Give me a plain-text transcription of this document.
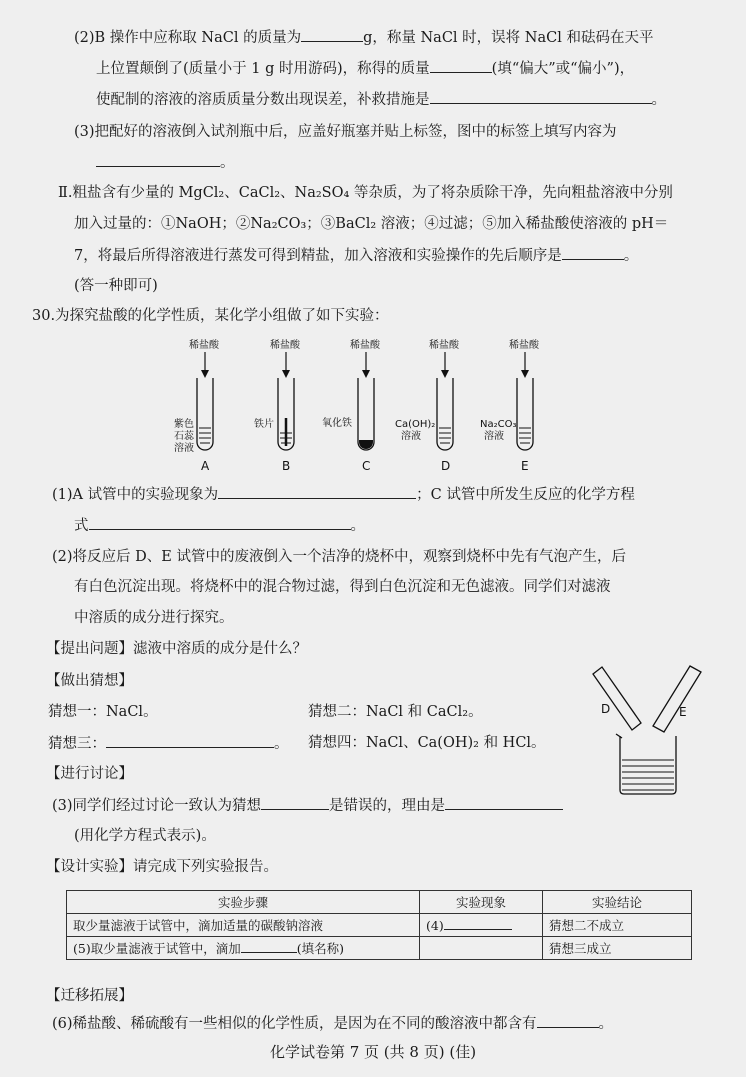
(2)B 操作中应称取 NaCl 的质量为	g，称量 NaCl 时，误将 NaCl 和砝码在天平
上位置颠倒了(质量小于 1 g 时用游码)，称得的质量	(填“偏大”或“偏小”)，
使配制的溶液的溶质质量分数出现误差，补救措施是	。
(3)把配好的溶液倒入试剂瓶中后，应盖好瓶塞并贴上标签，图中的标签上填写内容为
。
Ⅱ.粗盐含有少量的 MgCl₂、CaCl₂、Na₂SO₄ 等杂质，为了将杂质除干净，先向粗盐溶液中分别
加入过量的：①NaOH；②Na₂CO₃；③BaCl₂ 溶液；④过滤；⑤加入稀盐酸使溶液的 pH＝
7，将最后所得溶液进行蒸发可得到精盐，加入溶液和实验操作的先后顺序是	。
(答一种即可)
30.为探究盐酸的化学性质，某化学小组做了如下实验：
稀盐酸	稀盐酸	稀盐酸	稀盐酸	稀盐酸
紫色
石蕊
溶液
铁片	氧化铁	Ca(OH)₂
溶液
Na₂CO₃
溶液
A	B	C	D	E
D	E
(1)A 试管中的实验现象为	；C 试管中所发生反应的化学方程
式	。
(2)将反应后 D、E 试管中的废液倒入一个洁净的烧杯中，观察到烧杯中先有气泡产生，后
有白色沉淀出现。将烧杯中的混合物过滤，得到白色沉淀和无色滤液。同学们对滤液
中溶质的成分进行探究。
【提出问题】滤液中溶质的成分是什么？
【做出猜想】
猜想一：NaCl。	猜想二：NaCl 和 CaCl₂。
猜想三：	。 猜想四：NaCl、Ca(OH)₂ 和 HCl。
【进行讨论】
(3)同学们经过讨论一致认为猜想	是错误的，理由是
(用化学方程式表示)。
【设计实验】请完成下列实验报告。
实验步骤	实验现象	实验结论
取少量滤液于试管中，滴加适量的碳酸钠溶液	(4)	猜想二不成立
(5)取少量滤液于试管中，滴加 (填名称)		猜想三成立
【迁移拓展】
(6)稀盐酸、稀硫酸有一些相似的化学性质，是因为在不同的酸溶液中都含有	。
化学试卷第 7 页 (共 8 页) (佳)
